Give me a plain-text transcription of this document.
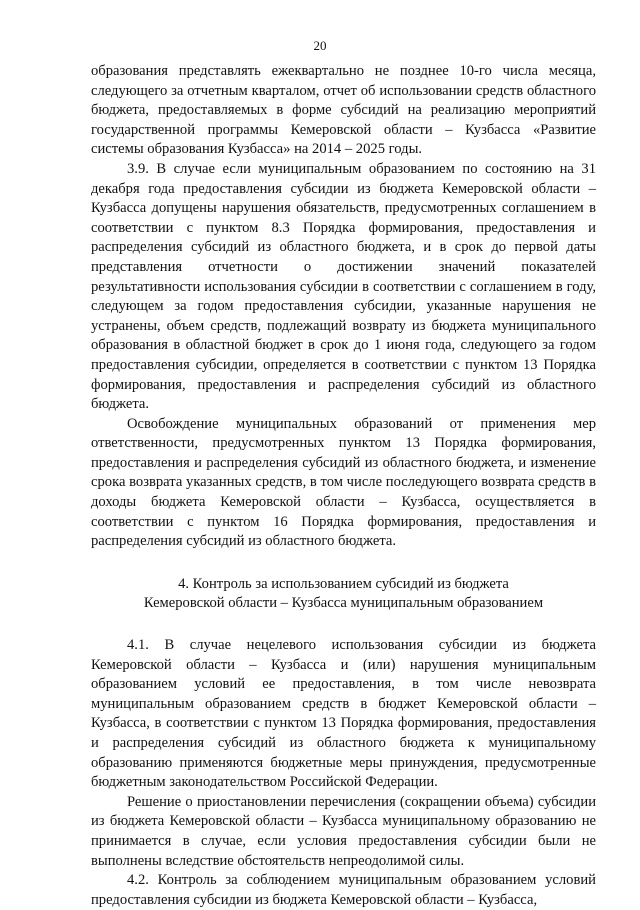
20

образования представлять ежеквартально не позднее 10-го числа месяца, следующего за отчетным кварталом, отчет об использовании средств областного бюджета, предоставляемых в форме субсидий на реализацию мероприятий государственной программы Кемеровской области – Кузбасса «Развитие системы образования Кузбасса» на 2014 – 2025 годы.

3.9. В случае если муниципальным образованием по состоянию на 31 декабря года предоставления субсидии из бюджета Кемеровской области – Кузбасса допущены нарушения обязательств, предусмотренных соглашением в соответствии с пунктом 8.3 Порядка формирования, предоставления и распределения субсидий из областного бюджета, и в срок до первой даты представления отчетности о достижении значений показателей результативности использования субсидии в соответствии с соглашением в году, следующем за годом предоставления субсидии, указанные нарушения не устранены, объем средств, подлежащий возврату из бюджета муниципального образования в областной бюджет в срок до 1 июня года, следующего за годом предоставления субсидии, определяется в соответствии с пунктом 13 Порядка формирования, предоставления и распределения субсидий из областного бюджета.

Освобождение муниципальных образований от применения мер ответственности, предусмотренных пунктом 13 Порядка формирования, предоставления и распределения субсидий из областного бюджета, и изменение срока возврата указанных средств, в том числе последующего возврата средств в доходы бюджета Кемеровской области – Кузбасса, осуществляется в соответствии с пунктом 16 Порядка формирования, предоставления и распределения субсидий из областного бюджета.

4. Контроль за использованием субсидий из бюджета
Кемеровской области – Кузбасса муниципальным образованием

4.1. В случае нецелевого использования субсидии из бюджета Кемеровской области – Кузбасса и (или) нарушения муниципальным образованием условий ее предоставления, в том числе невозврата муниципальным образованием средств в бюджет Кемеровской области – Кузбасса, в соответствии с пунктом 13 Порядка формирования, предоставления и распределения субсидий из областного бюджета к муниципальному образованию применяются бюджетные меры принуждения, предусмотренные бюджетным законодательством Российской Федерации.

Решение о приостановлении перечисления (сокращении объема) субсидии из бюджета Кемеровской области – Кузбасса муниципальному образованию не принимается в случае, если условия предоставления субсидии были не выполнены вследствие обстоятельств непреодолимой силы.

4.2. Контроль за соблюдением муниципальным образованием условий предоставления субсидии из бюджета Кемеровской области – Кузбасса,
